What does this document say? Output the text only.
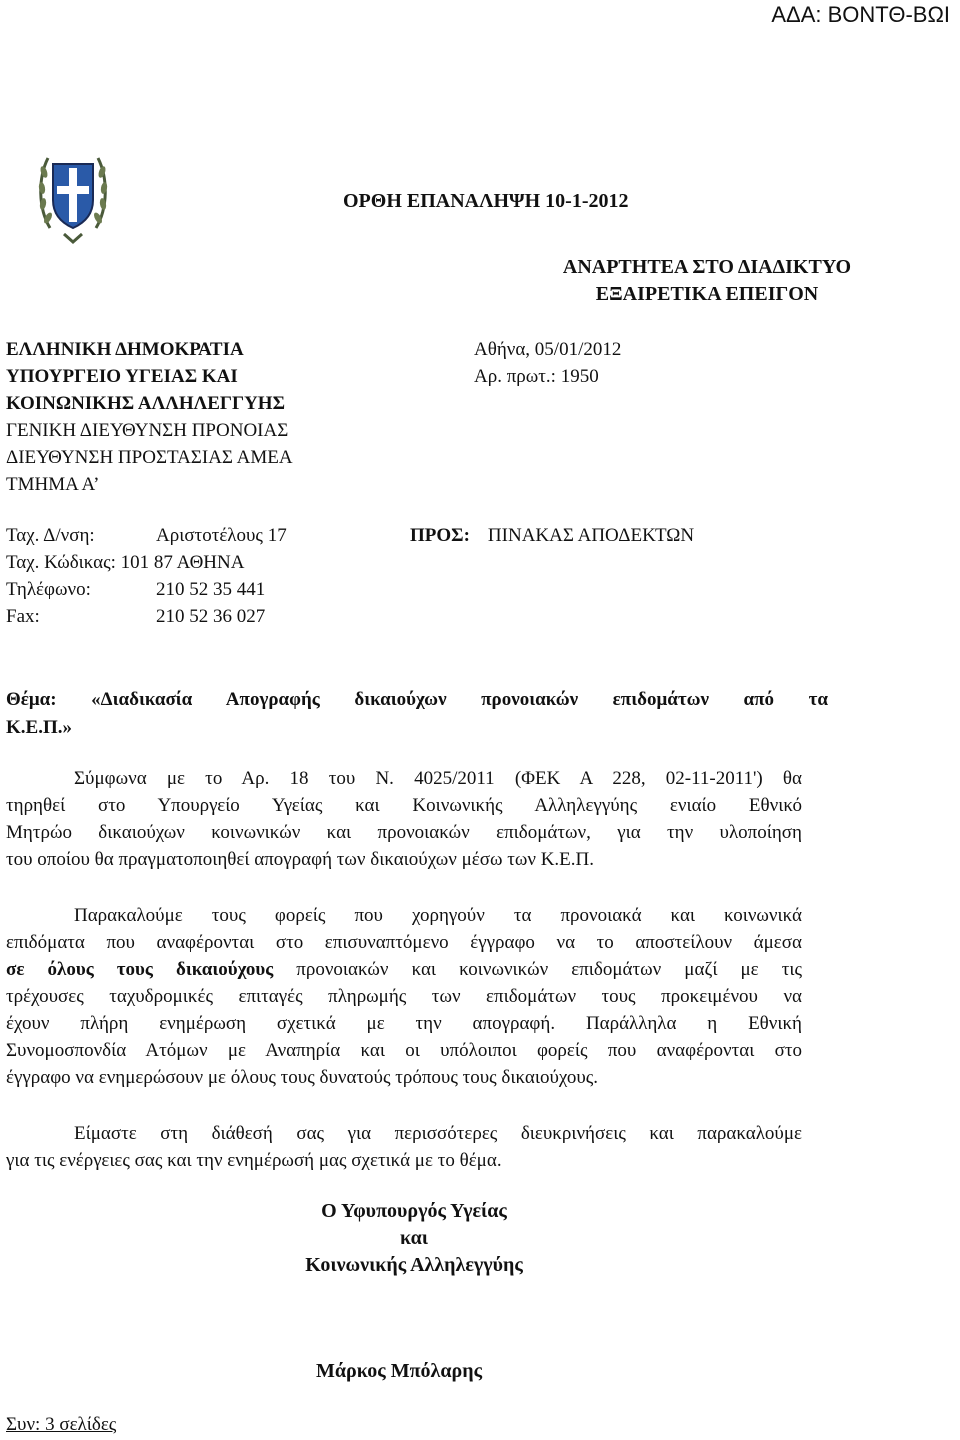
ΑΔΑ: ΒΟΝΤΘ-ΒΩΙ
ΟΡΘΗ ΕΠΑΝΑΛΗΨΗ 10-1-2012
ΑΝΑΡΤΗΤΕΑ ΣΤΟ ΔΙΑΔΙΚΤΥΟ
ΕΞΑΙΡΕΤΙΚΑ ΕΠΕΙΓΟΝ
ΕΛΛΗΝΙΚΗ ΔΗΜΟΚΡΑΤΙΑ
ΥΠΟΥΡΓΕΙΟ ΥΓΕΙΑΣ ΚΑΙ
ΚΟΙΝΩΝΙΚΗΣ ΑΛΛΗΛΕΓΓΥΗΣ
ΓΕΝΙΚΗ ΔΙΕΥΘΥΝΣΗ ΠΡΟΝΟΙΑΣ
ΔΙΕΥΘΥΝΣΗ ΠΡΟΣΤΑΣΙΑΣ ΑΜΕΑ
ΤΜΗΜΑ Α’
Αθήνα, 05/01/2012
Αρ. πρωτ.: 1950
Ταχ. Δ/νση:	Αριστοτέλους 17
Ταχ. Κώδικας: 101 87 ΑΘΗΝΑ
Τηλέφωνο:	210 52 35 441
Fax:	210 52 36 027
ΠΡΟΣ: ΠΙΝΑΚΑΣ ΑΠΟΔΕΚΤΩΝ
Θέμα: «Διαδικασία Απογραφής δικαιούχων προνοιακών επιδομάτων από τα
Κ.Ε.Π.»
Σύμφωνα με το Αρ. 18 του Ν. 4025/2011 (ΦΕΚ Α 228, 02-11-2011') θα
τηρηθεί στο Υπουργείο Υγείας και Κοινωνικής Αλληλεγγύης ενιαίο Εθνικό
Μητρώο δικαιούχων κοινωνικών και προνοιακών επιδομάτων, για την υλοποίηση
του οποίου θα πραγματοποιηθεί απογραφή των δικαιούχων μέσω των Κ.Ε.Π.
Παρακαλούμε τους φορείς που χορηγούν τα προνοιακά και κοινωνικά
επιδόματα που αναφέρονται στο επισυναπτόμενο έγγραφο να το αποστείλουν άμεσα
σε όλους τους δικαιούχους προνοιακών και κοινωνικών επιδομάτων μαζί με τις
τρέχουσες ταχυδρομικές επιταγές πληρωμής των επιδομάτων τους προκειμένου να
έχουν πλήρη ενημέρωση σχετικά με την απογραφή. Παράλληλα η Εθνική
Συνομοσπονδία Ατόμων με Αναπηρία και οι υπόλοιποι φορείς που αναφέρονται στο
έγγραφο να ενημερώσουν με όλους τους δυνατούς τρόπους τους δικαιούχους.
Είμαστε στη διάθεσή σας για περισσότερες διευκρινήσεις και παρακαλούμε
για τις ενέργειες σας και την ενημέρωσή μας σχετικά με το θέμα.
Ο Υφυπουργός Υγείας
και
Κοινωνικής Αλληλεγγύης
Μάρκος Μπόλαρης
Συν: 3 σελίδες
